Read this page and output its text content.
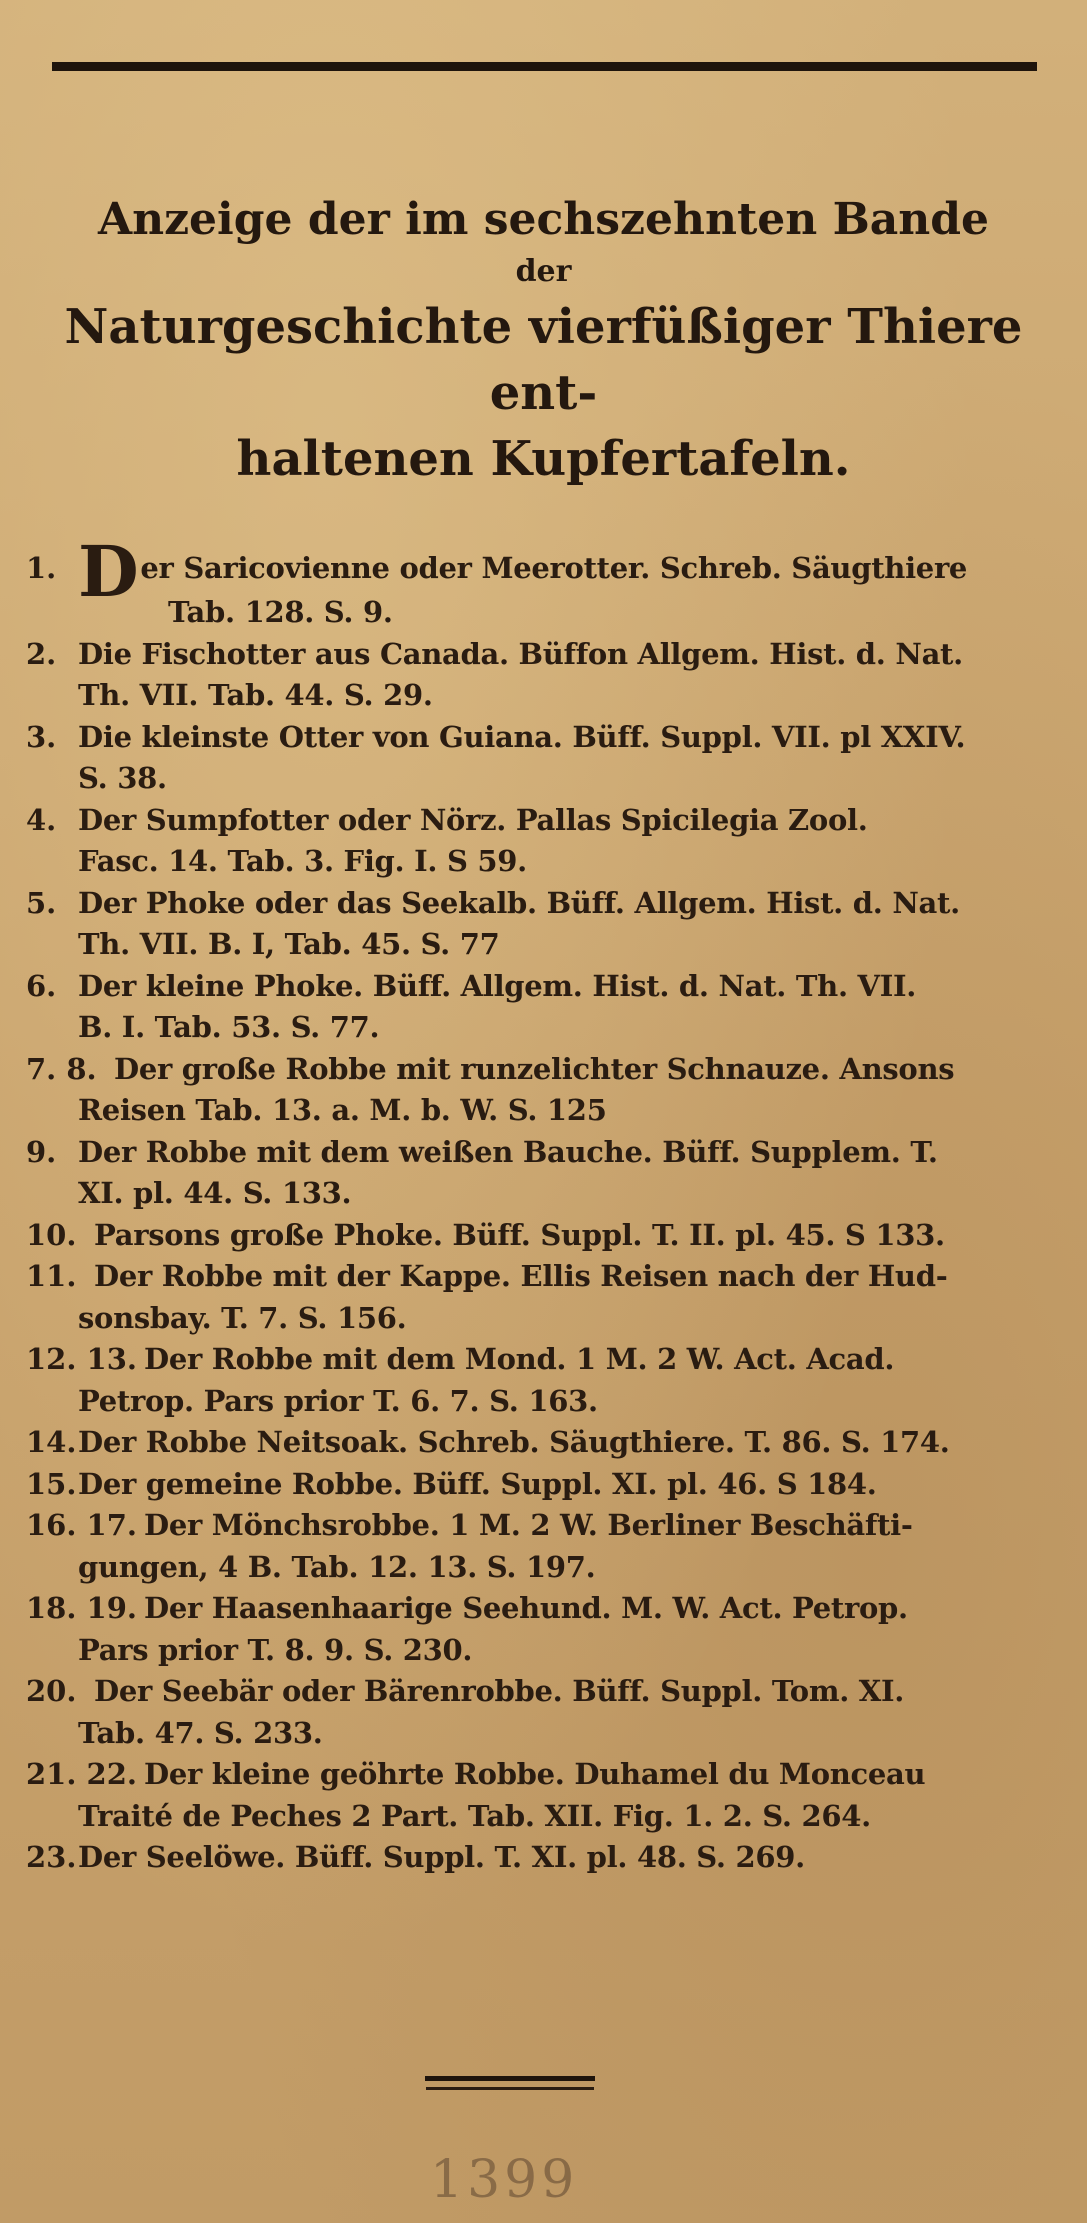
Anzeige der im sechszehnten Bande
der
Naturgeschichte vierfüßiger Thiere ent-
haltenen Kupfertafeln.
1. Der Saricovienne oder Meerotter. Schreb. Säugthiere
Tab. 128. S. 9.
2. Die Fischotter aus Canada. Büffon Allgem. Hist. d. Nat.
Th. VII. Tab. 44. S. 29.
3. Die kleinste Otter von Guiana. Büff. Suppl. VII. pl XXIV.
S. 38.
4. Der Sumpfotter oder Nörz. Pallas Spicilegia Zool.
Fasc. 14. Tab. 3. Fig. I. S 59.
5. Der Phoke oder das Seekalb. Büff. Allgem. Hist. d. Nat.
Th. VII. B. I, Tab. 45. S. 77
6. Der kleine Phoke. Büff. Allgem. Hist. d. Nat. Th. VII.
B. I. Tab. 53. S. 77.
7. 8. Der große Robbe mit runzelichter Schnauze. Ansons
Reisen Tab. 13. a. M. b. W. S. 125
9. Der Robbe mit dem weißen Bauche. Büff. Supplem. T.
XI. pl. 44. S. 133.
10. Parsons große Phoke. Büff. Suppl. T. II. pl. 45. S 133.
11. Der Robbe mit der Kappe. Ellis Reisen nach der Hud-
sonsbay. T. 7. S. 156.
12. 13. Der Robbe mit dem Mond. 1 M. 2 W. Act. Acad.
Petrop. Pars prior T. 6. 7. S. 163.
14. Der Robbe Neitsoak. Schreb. Säugthiere. T. 86. S. 174.
15. Der gemeine Robbe. Büff. Suppl. XI. pl. 46. S 184.
16. 17. Der Mönchsrobbe. 1 M. 2 W. Berliner Beschäfti-
gungen, 4 B. Tab. 12. 13. S. 197.
18. 19. Der Haasenhaarige Seehund. M. W. Act. Petrop.
Pars prior T. 8. 9. S. 230.
20. Der Seebär oder Bärenrobbe. Büff. Suppl. Tom. XI.
Tab. 47. S. 233.
21. 22. Der kleine geöhrte Robbe. Duhamel du Monceau
Traité de Peches 2 Part. Tab. XII. Fig. 1. 2. S. 264.
23. Der Seelöwe. Büff. Suppl. T. XI. pl. 48. S. 269.
1399
